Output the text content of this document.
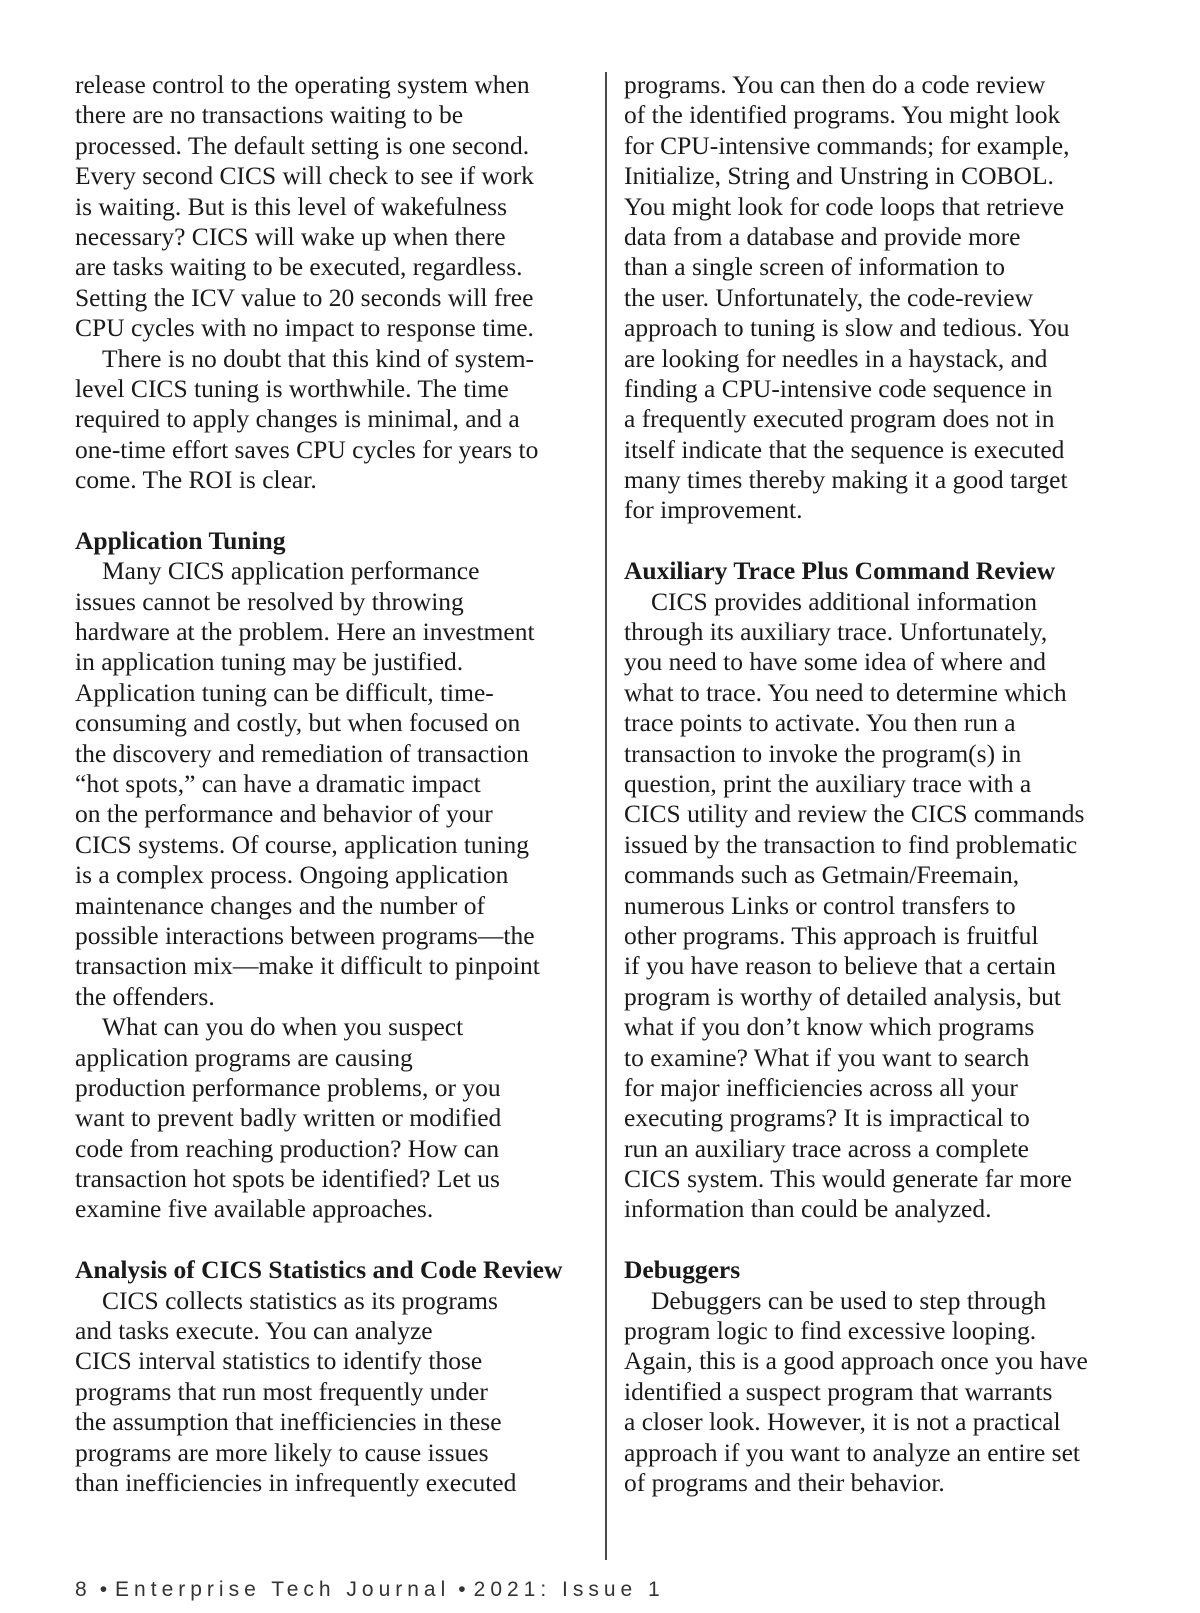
release control to the operating system when
there are no transactions waiting to be
processed. The default setting is one second.
Every second CICS will check to see if work
is waiting. But is this level of wakefulness
necessary? CICS will wake up when there
are tasks waiting to be executed, regardless.
Setting the ICV value to 20 seconds will free
CPU cycles with no impact to response time.
There is no doubt that this kind of system-
level CICS tuning is worthwhile. The time
required to apply changes is minimal, and a
one-time effort saves CPU cycles for years to
come. The ROI is clear.
Application Tuning
Many CICS application performance
issues cannot be resolved by throwing
hardware at the problem. Here an investment
in application tuning may be justified.
Application tuning can be difficult, time-
consuming and costly, but when focused on
the discovery and remediation of transaction
“hot spots,” can have a dramatic impact
on the performance and behavior of your
CICS systems. Of course, application tuning
is a complex process. Ongoing application
maintenance changes and the number of
possible interactions between programs—the
transaction mix—make it difficult to pinpoint
the offenders.
What can you do when you suspect
application programs are causing
production performance problems, or you
want to prevent badly written or modified
code from reaching production? How can
transaction hot spots be identified? Let us
examine five available approaches.
Analysis of CICS Statistics and Code Review
CICS collects statistics as its programs
and tasks execute. You can analyze
CICS interval statistics to identify those
programs that run most frequently under
the assumption that inefficiencies in these
programs are more likely to cause issues
than inefficiencies in infrequently executed
programs. You can then do a code review
of the identified programs. You might look
for CPU-intensive commands; for example,
Initialize, String and Unstring in COBOL.
You might look for code loops that retrieve
data from a database and provide more
than a single screen of information to
the user. Unfortunately, the code-review
approach to tuning is slow and tedious. You
are looking for needles in a haystack, and
finding a CPU-intensive code sequence in
a frequently executed program does not in
itself indicate that the sequence is executed
many times thereby making it a good target
for improvement.
Auxiliary Trace Plus Command Review
CICS provides additional information
through its auxiliary trace. Unfortunately,
you need to have some idea of where and
what to trace. You need to determine which
trace points to activate. You then run a
transaction to invoke the program(s) in
question, print the auxiliary trace with a
CICS utility and review the CICS commands
issued by the transaction to find problematic
commands such as Getmain/Freemain,
numerous Links or control transfers to
other programs. This approach is fruitful
if you have reason to believe that a certain
program is worthy of detailed analysis, but
what if you don’t know which programs
to examine? What if you want to search
for major inefficiencies across all your
executing programs? It is impractical to
run an auxiliary trace across a complete
CICS system. This would generate far more
information than could be analyzed.
Debuggers
Debuggers can be used to step through
program logic to find excessive looping.
Again, this is a good approach once you have
identified a suspect program that warrants
a closer look. However, it is not a practical
approach if you want to analyze an entire set
of programs and their behavior.
8 • Enterprise Tech Journal • 2021: Issue 1
